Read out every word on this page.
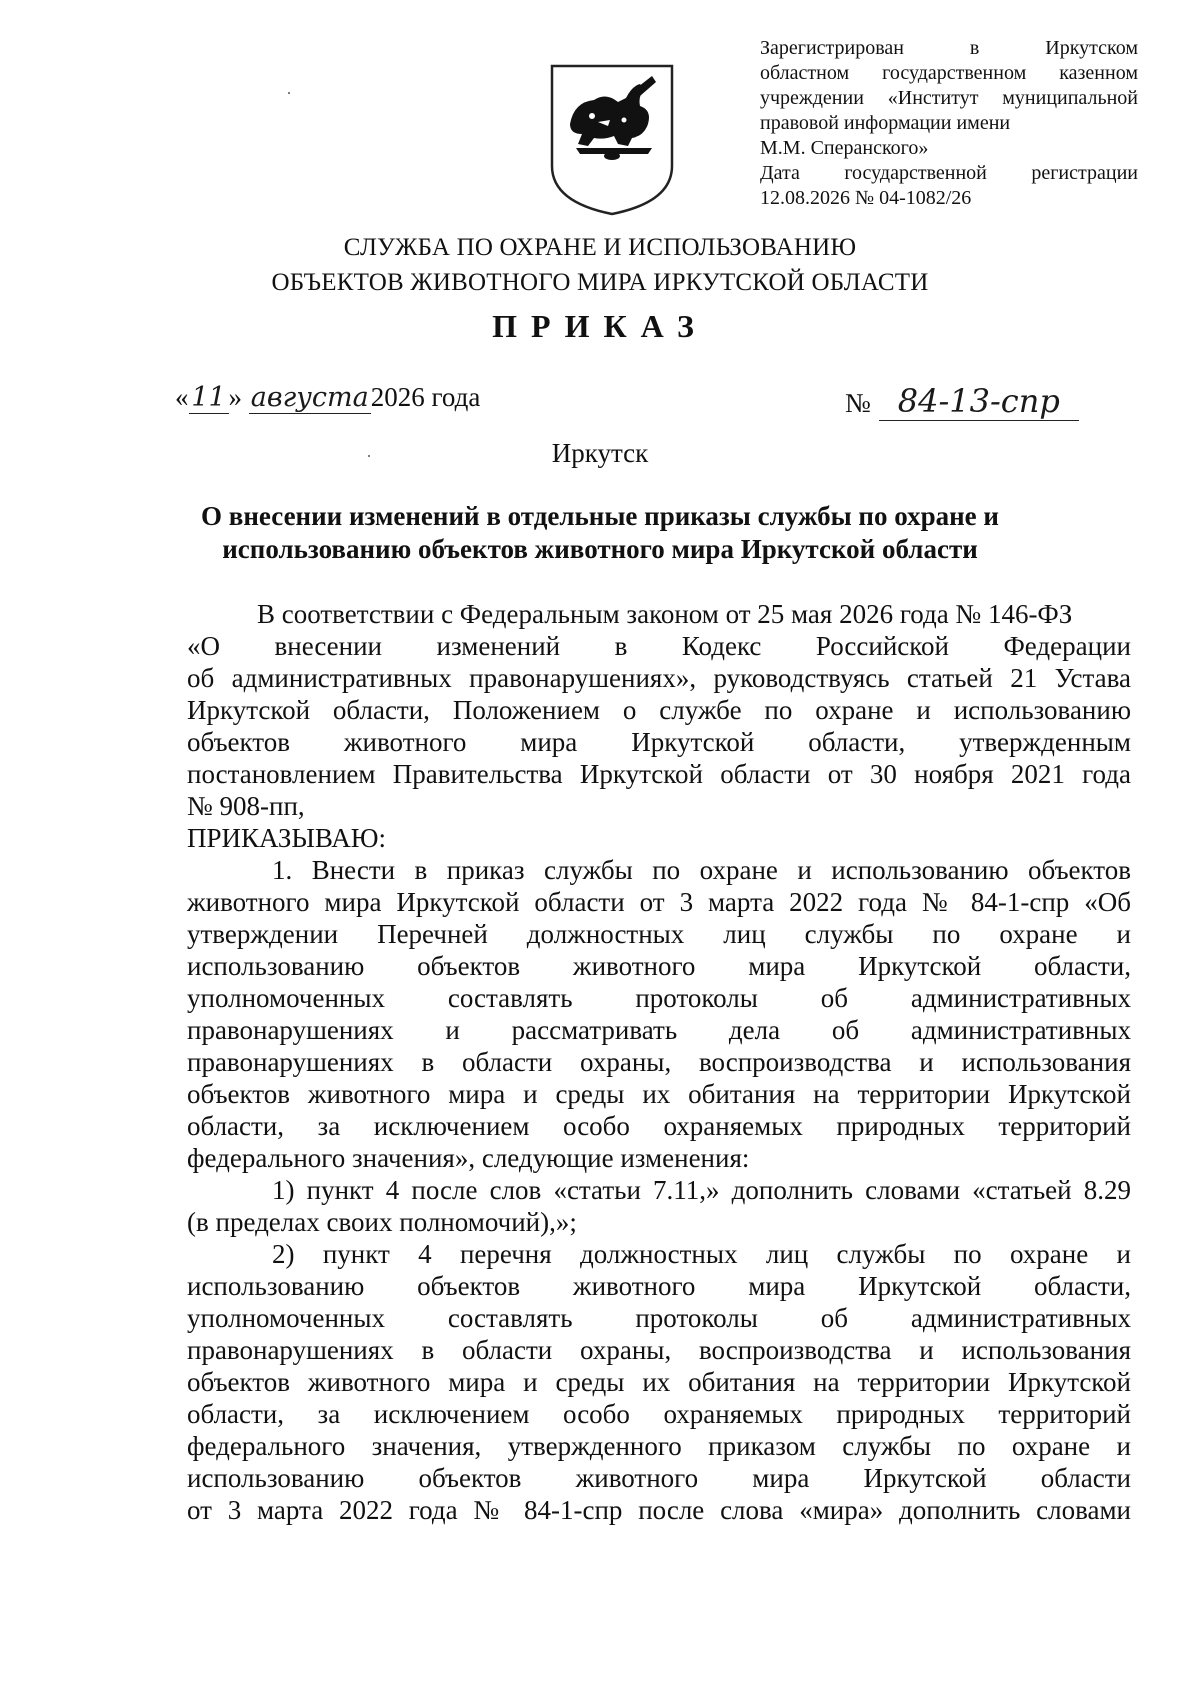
Зарегистрирован в Иркутском
областном государственном казенном
учреждении «Институт муниципальной
правовой информации имени
М.М. Сперанского»
Дата государственной регистрации
12.08.2026 № 04-1082/26
СЛУЖБА ПО ОХРАНЕ И ИСПОЛЬЗОВАНИЮ
ОБЪЕКТОВ ЖИВОТНОГО МИРА ИРКУТСКОЙ ОБЛАСТИ
ПРИКАЗ
« 11 » августа2026 года	№ 84-13-спр
Иркутск
О внесении изменений в отдельные приказы службы по охране и
использованию объектов животного мира Иркутской области
В соответствии с Федеральным законом от 25 мая 2026 года № 146-ФЗ
«О внесении изменений в Кодекс Российской Федерации
об административных правонарушениях», руководствуясь статьей 21 Устава
Иркутской области, Положением о службе по охране и использованию
объектов животного мира Иркутской области, утвержденным
постановлением Правительства Иркутской области от 30 ноября 2021 года
№ 908-пп,
ПРИКАЗЫВАЮ:
1. Внести в приказ службы по охране и использованию объектов
животного мира Иркутской области от 3 марта 2022 года № 84-1-спр «Об
утверждении Перечней должностных лиц службы по охране и
использованию объектов животного мира Иркутской области,
уполномоченных составлять протоколы об административных
правонарушениях и рассматривать дела об административных
правонарушениях в области охраны, воспроизводства и использования
объектов животного мира и среды их обитания на территории Иркутской
области, за исключением особо охраняемых природных территорий
федерального значения», следующие изменения:
1) пункт 4 после слов «статьи 7.11,» дополнить словами «статьей 8.29
(в пределах своих полномочий),»;
2) пункт 4 перечня должностных лиц службы по охране и
использованию объектов животного мира Иркутской области,
уполномоченных составлять протоколы об административных
правонарушениях в области охраны, воспроизводства и использования
объектов животного мира и среды их обитания на территории Иркутской
области, за исключением особо охраняемых природных территорий
федерального значения, утвержденного приказом службы по охране и
использованию объектов животного мира Иркутской области
от 3 марта 2022 года № 84-1-спр после слова «мира» дополнить словами
